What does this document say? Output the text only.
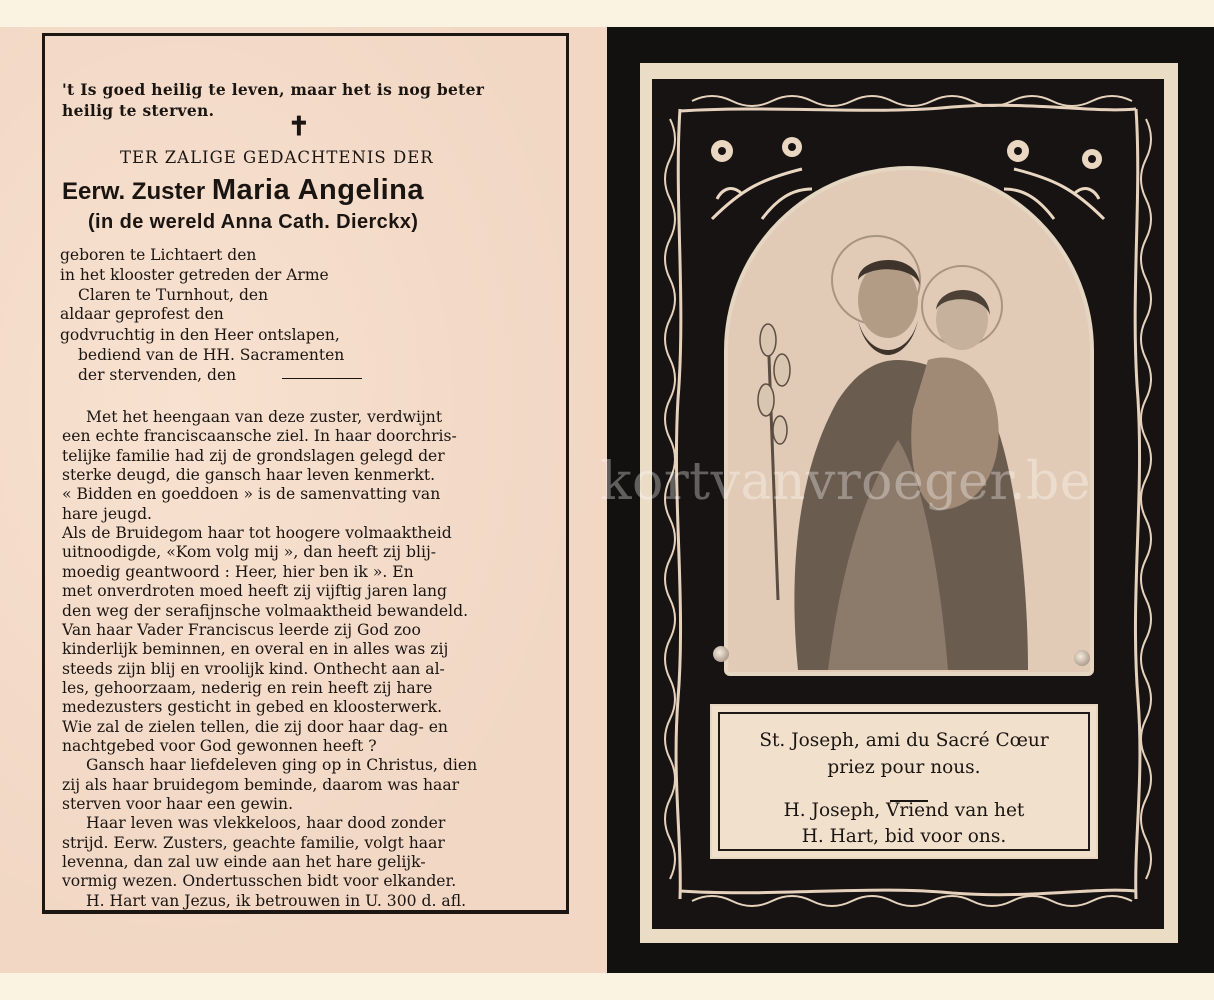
't Is goed heilig te leven, maar het is nog beter
heilig te sterven.
✝
TER ZALIGE GEDACHTENIS DER
Eerw. Zuster Maria Angelina
(in de wereld Anna Cath. Dierckx)
geboren te Lichtaert den
in het klooster getreden der Arme
Claren te Turnhout, den
aldaar geprofest den
godvruchtig in den Heer ontslapen,
bediend van de HH. Sacramenten
der stervenden, den
Met het heengaan van deze zuster, verdwijnt
een echte franciscaansche ziel. In haar doorchris-
telijke familie had zij de grondslagen gelegd der
sterke deugd, die gansch haar leven kenmerkt.
« Bidden en goeddoen » is de samenvatting van
hare jeugd.
Als de Bruidegom haar tot hoogere volmaaktheid
uitnoodigde, «Kom volg mij », dan heeft zij blij-
moedig geantwoord : Heer, hier ben ik ». En
met onverdroten moed heeft zij vijftig jaren lang
den weg der serafijnsche volmaaktheid bewandeld.
Van haar Vader Franciscus leerde zij God zoo
kinderlijk beminnen, en overal en in alles was zij
steeds zijn blij en vroolijk kind. Onthecht aan al-
les, gehoorzaam, nederig en rein heeft zij hare
medezusters gesticht in gebed en kloosterwerk.
Wie zal de zielen tellen, die zij door haar dag- en
nachtgebed voor God gewonnen heeft ?
Gansch haar liefdeleven ging op in Christus, dien
zij als haar bruidegom beminde, daarom was haar
sterven voor haar een gewin.
Haar leven was vlekkeloos, haar dood zonder
strijd. Eerw. Zusters, geachte familie, volgt haar
levenna, dan zal uw einde aan het hare gelijk-
vormig wezen. Ondertusschen bidt voor elkander.
H. Hart van Jezus, ik betrouwen in U. 300 d. afl.
St. Joseph, ami du Sacré Cœur
priez pour nous.
H. Joseph, Vriend van het
H. Hart, bid voor ons.
kortvanvroeger.be
